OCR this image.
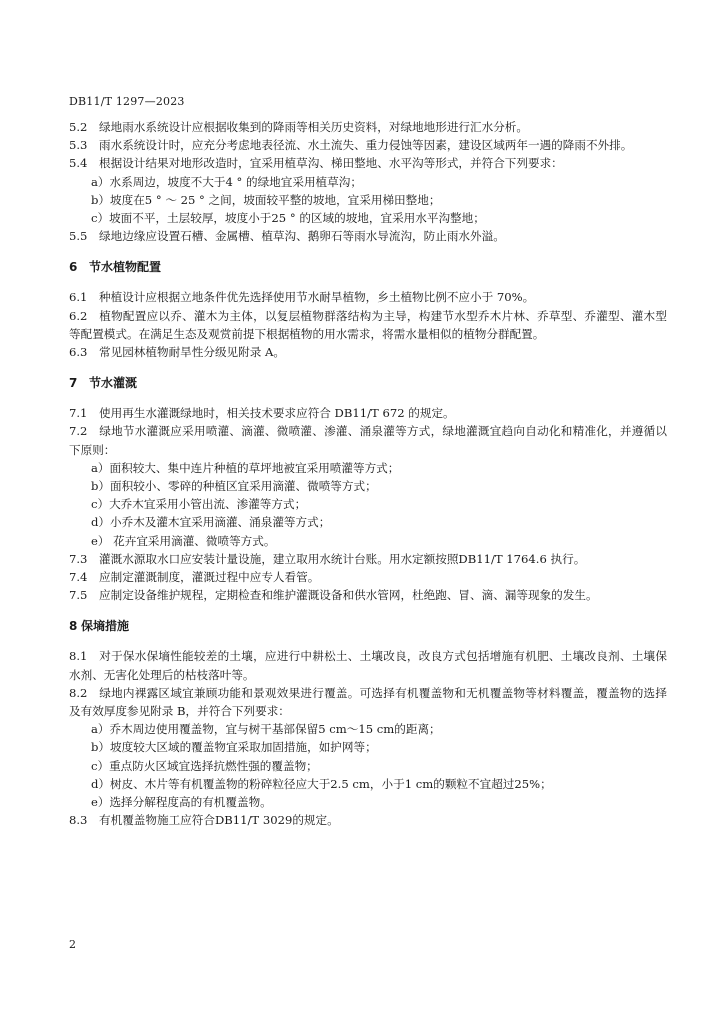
DB11/T 1297—2023

5.2 绿地雨水系统设计应根据收集到的降雨等相关历史资料，对绿地地形进行汇水分析。

5.3 雨水系统设计时，应充分考虑地表径流、水土流失、重力侵蚀等因素，建设区域两年一遇的降雨不外排。

5.4 根据设计结果对地形改造时，宜采用植草沟、梯田整地、水平沟等形式，并符合下列要求：

a）水系周边，坡度不大于4 ° 的绿地宜采用植草沟；

b）坡度在5 ° ～ 25 ° 之间，坡面较平整的坡地，宜采用梯田整地；

c）坡面不平，土层较厚，坡度小于25 ° 的区域的坡地，宜采用水平沟整地；

5.5 绿地边缘应设置石槽、金属槽、植草沟、鹅卵石等雨水导流沟，防止雨水外溢。

6 节水植物配置

6.1 种植设计应根据立地条件优先选择使用节水耐旱植物，乡土植物比例不应小于 70%。

6.2 植物配置应以乔、灌木为主体，以复层植物群落结构为主导，构建节水型乔木片林、乔草型、乔灌型、灌木型等配置模式。在满足生态及观赏前提下根据植物的用水需求，将需水量相似的植物分群配置。

6.3 常见园林植物耐旱性分级见附录 A。

7 节水灌溉

7.1 使用再生水灌溉绿地时，相关技术要求应符合 DB11/T 672 的规定。

7.2 绿地节水灌溉应采用喷灌、滴灌、微喷灌、渗灌、涌泉灌等方式，绿地灌溉宜趋向自动化和精准化，并遵循以下原则：

a）面积较大、集中连片种植的草坪地被宜采用喷灌等方式；

b）面积较小、零碎的种植区宜采用滴灌、微喷等方式；

c）大乔木宜采用小管出流、渗灌等方式；

d）小乔木及灌木宜采用滴灌、涌泉灌等方式；

e） 花卉宜采用滴灌、微喷等方式。

7.3 灌溉水源取水口应安装计量设施，建立取用水统计台账。用水定额按照DB11/T 1764.6 执行。

7.4 应制定灌溉制度，灌溉过程中应专人看管。

7.5 应制定设备维护规程，定期检查和维护灌溉设备和供水管网，杜绝跑、冒、滴、漏等现象的发生。

8 保墒措施

8.1 对于保水保墒性能较差的土壤，应进行中耕松土、土壤改良，改良方式包括增施有机肥、土壤改良剂、土壤保水剂、无害化处理后的枯枝落叶等。

8.2 绿地内裸露区域宜兼顾功能和景观效果进行覆盖。可选择有机覆盖物和无机覆盖物等材料覆盖，覆盖物的选择及有效厚度参见附录 B，并符合下列要求：

a）乔木周边使用覆盖物，宜与树干基部保留5 cm～15 cm的距离；

b）坡度较大区域的覆盖物宜采取加固措施，如护网等；

c）重点防火区域宜选择抗燃性强的覆盖物；

d）树皮、木片等有机覆盖物的粉碎粒径应大于2.5 cm，小于1 cm的颗粒不宜超过25%；

e）选择分解程度高的有机覆盖物。

8.3 有机覆盖物施工应符合DB11/T 3029的规定。

2
